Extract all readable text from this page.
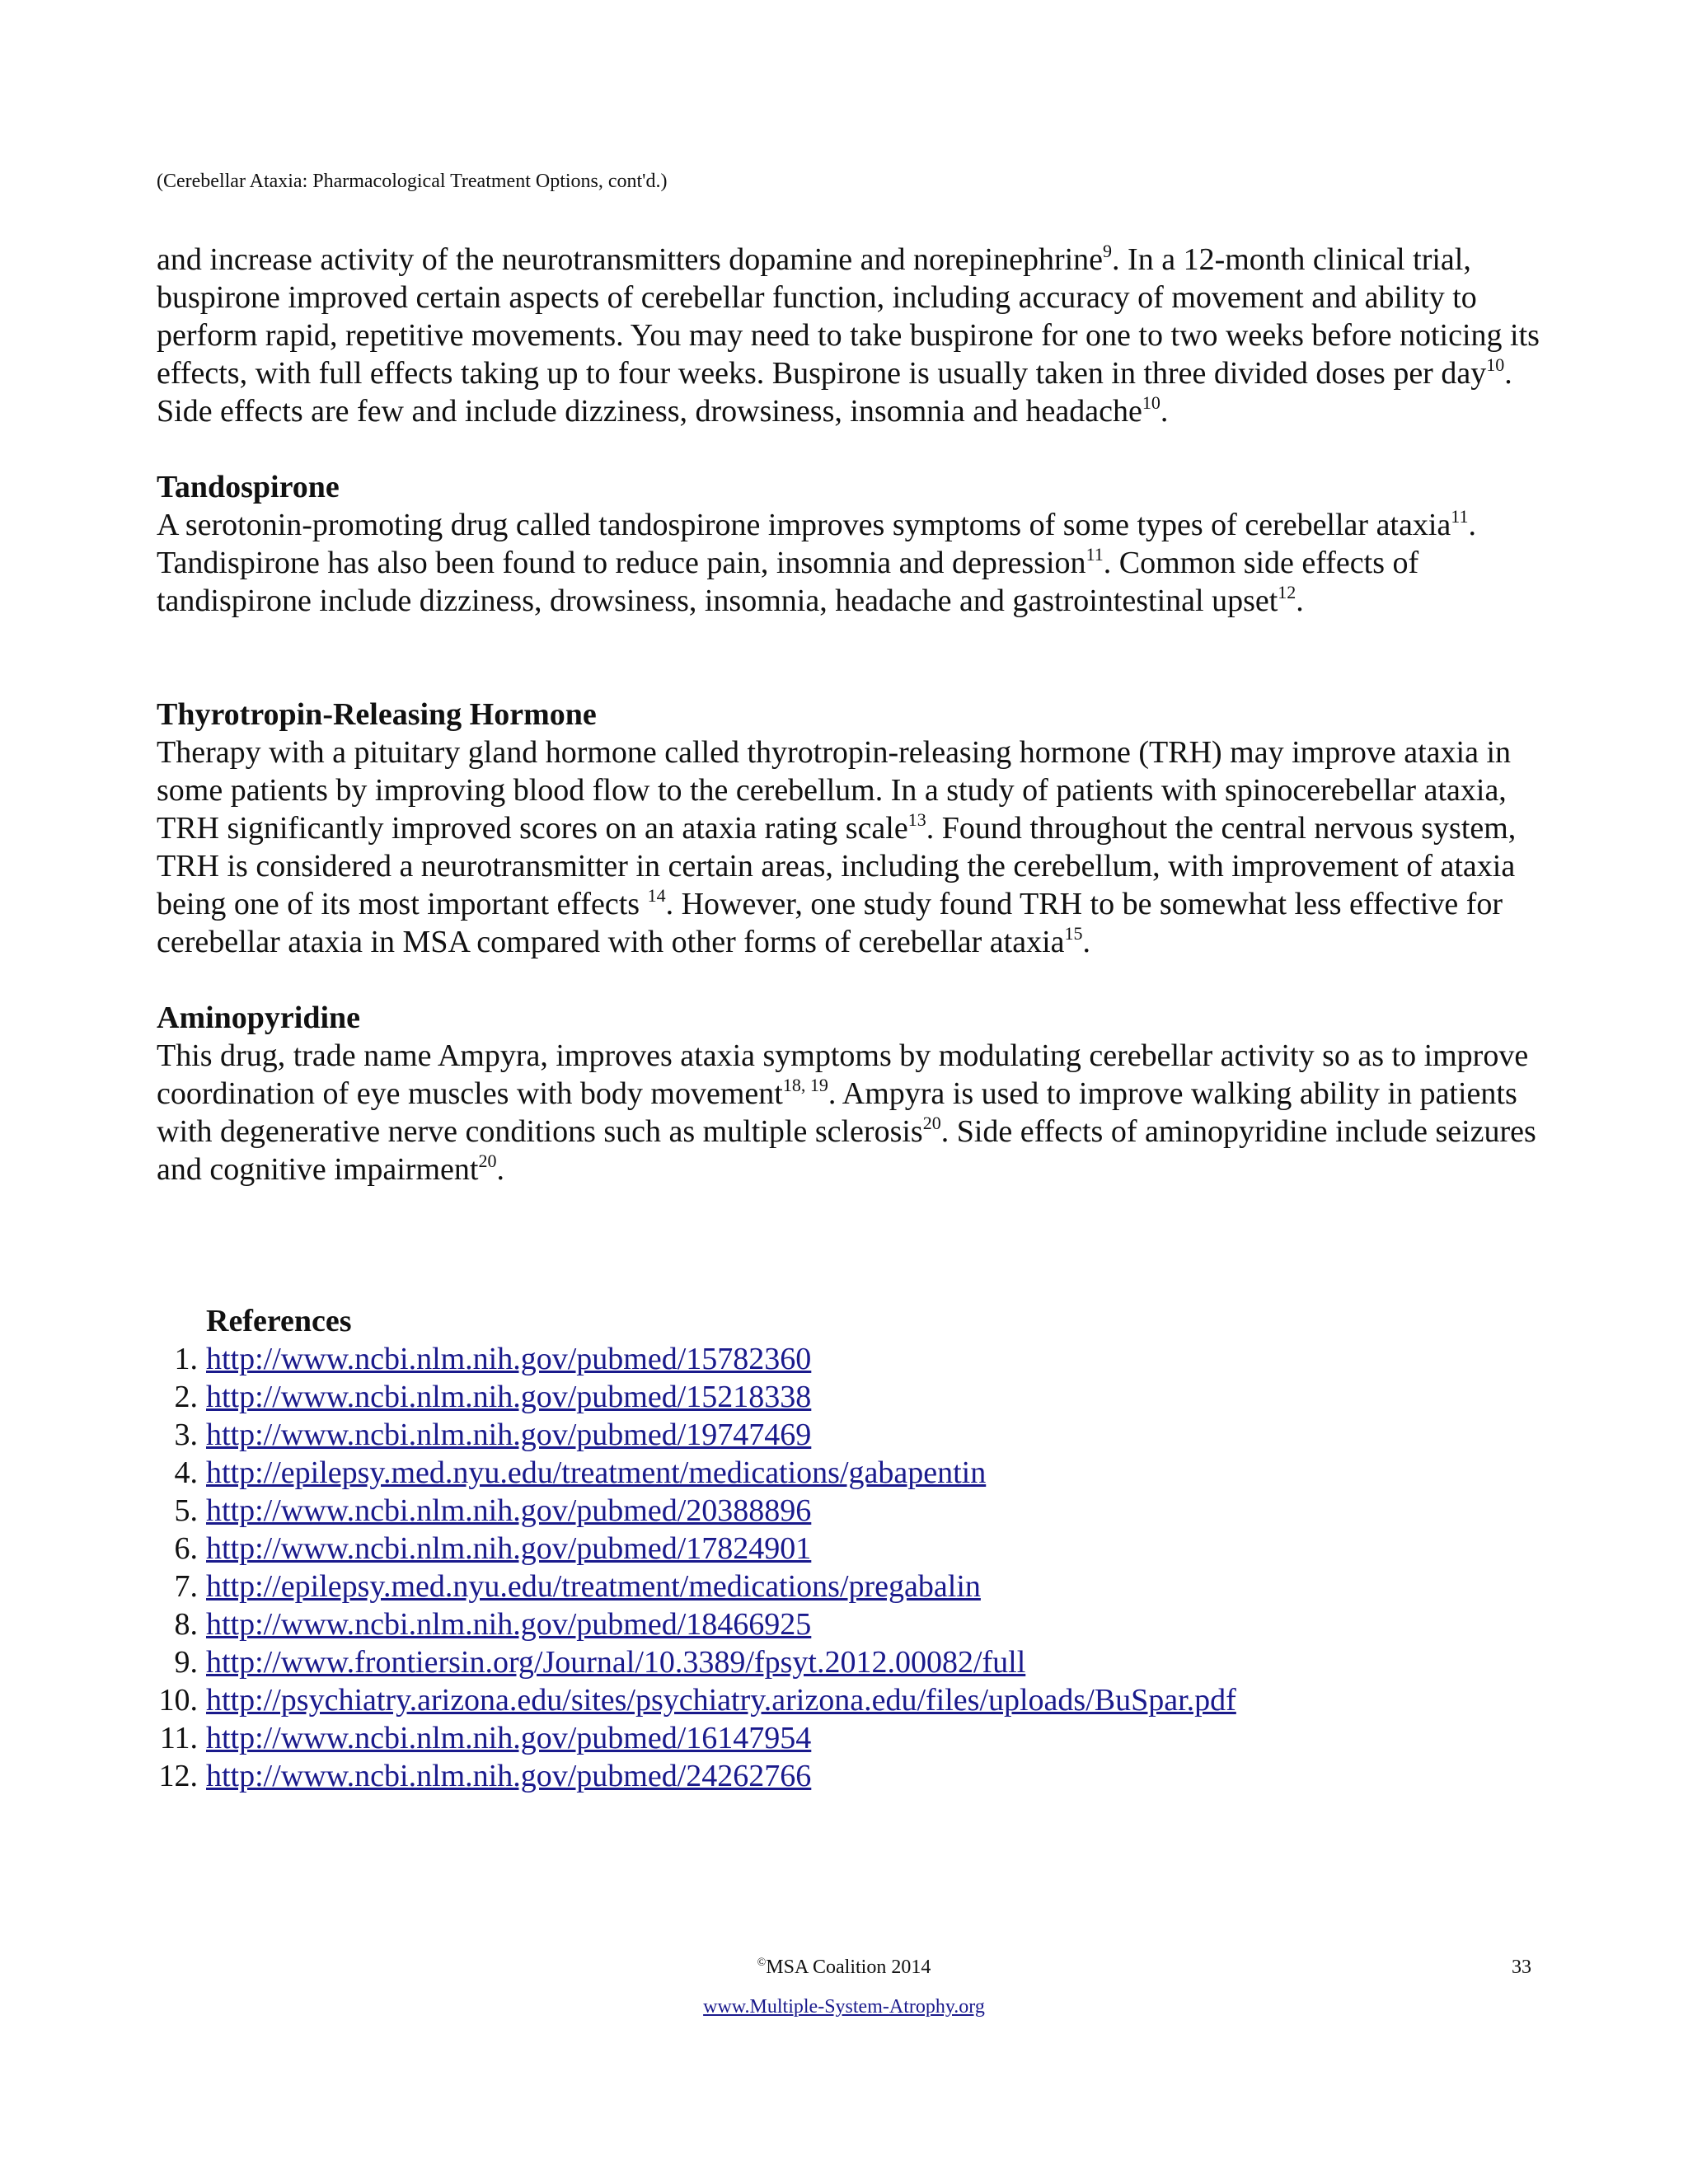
(Cerebellar Ataxia: Pharmacological Treatment Options, cont'd.)

and increase activity of the neurotransmitters dopamine and norepinephrine$^9$. In a 12-month clinical trial, buspirone improved certain aspects of cerebellar function, including accuracy of movement and ability to perform rapid, repetitive movements. You may need to take buspirone for one to two weeks before noticing its effects, with full effects taking up to four weeks. Buspirone is usually taken in three divided doses per day$^{10}$. Side effects are few and include dizziness, drowsiness, insomnia and headache$^{10}$.

Tandospirone

A serotonin-promoting drug called tandospirone improves symptoms of some types of cerebellar ataxia$^{11}$. Tandispirone has also been found to reduce pain, insomnia and depression$^{11}$. Common side effects of tandispirone include dizziness, drowsiness, insomnia, headache and gastrointestinal upset$^{12}$.

Thyrotropin-Releasing Hormone

Therapy with a pituitary gland hormone called thyrotropin-releasing hormone (TRH) may improve ataxia in some patients by improving blood flow to the cerebellum. In a study of patients with spinocerebellar ataxia, TRH significantly improved scores on an ataxia rating scale$^{13}$. Found throughout the central nervous system, TRH is considered a neurotransmitter in certain areas, including the cerebellum, with improvement of ataxia being one of its most important effects $^{14}$. However, one study found TRH to be somewhat less effective for cerebellar ataxia in MSA compared with other forms of cerebellar ataxia$^{15}$.

Aminopyridine

This drug, trade name Ampyra, improves ataxia symptoms by modulating cerebellar activity so as to improve coordination of eye muscles with body movement$^{18, 19}$. Ampyra is used to improve walking ability in patients with degenerative nerve conditions such as multiple sclerosis$^{20}$. Side effects of aminopyridine include seizures and cognitive impairment$^{20}$.

References
1. http://www.ncbi.nlm.nih.gov/pubmed/15782360
2. http://www.ncbi.nlm.nih.gov/pubmed/15218338
3. http://www.ncbi.nlm.nih.gov/pubmed/19747469
4. http://epilepsy.med.nyu.edu/treatment/medications/gabapentin
5. http://www.ncbi.nlm.nih.gov/pubmed/20388896
6. http://www.ncbi.nlm.nih.gov/pubmed/17824901
7. http://epilepsy.med.nyu.edu/treatment/medications/pregabalin
8. http://www.ncbi.nlm.nih.gov/pubmed/18466925
9. http://www.frontiersin.org/Journal/10.3389/fpsyt.2012.00082/full
10. http://psychiatry.arizona.edu/sites/psychiatry.arizona.edu/files/uploads/BuSpar.pdf
11. http://www.ncbi.nlm.nih.gov/pubmed/16147954
12. http://www.ncbi.nlm.nih.gov/pubmed/24262766
©MSA Coalition 2014	33
www.Multiple-System-Atrophy.org
